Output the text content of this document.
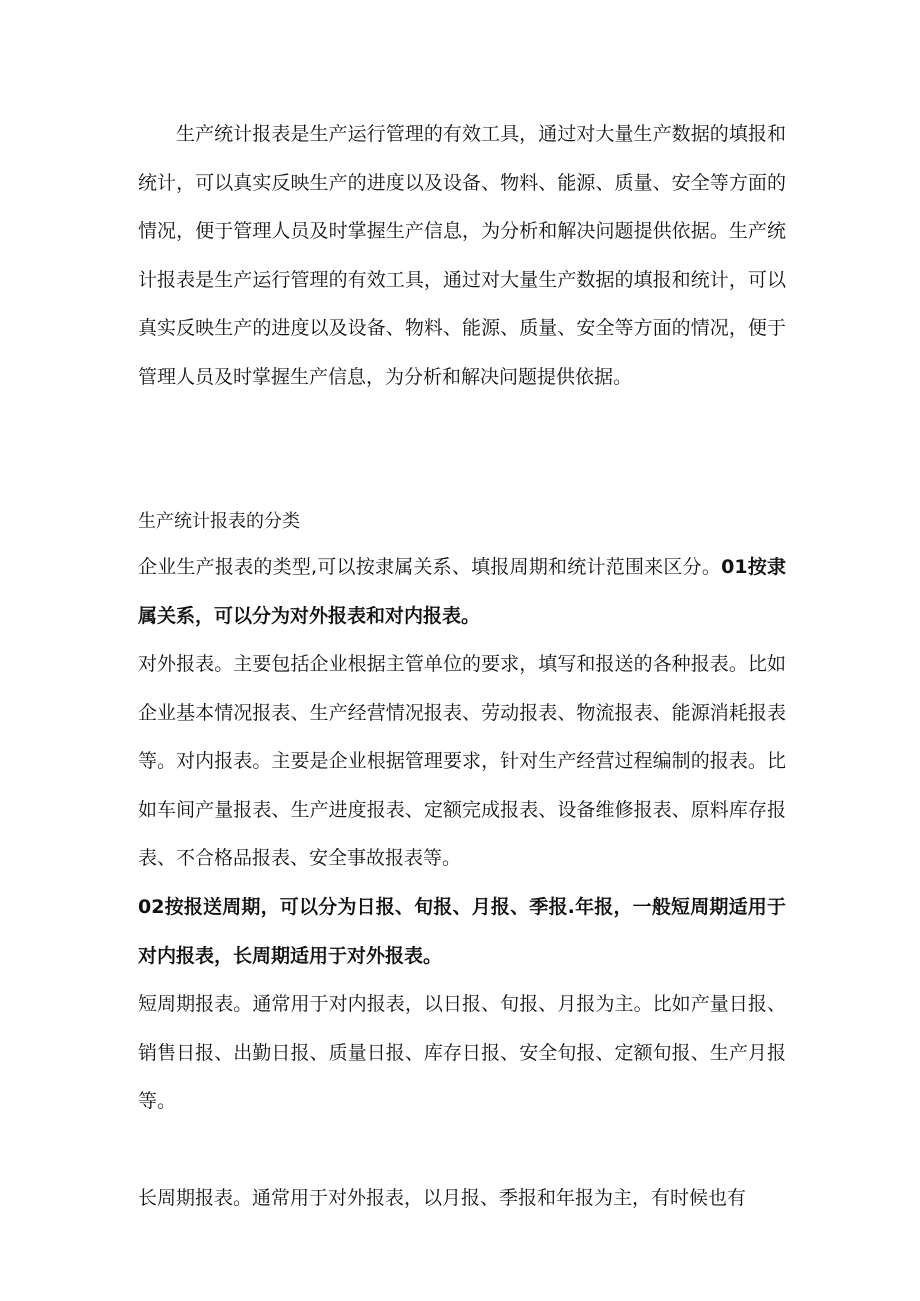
生产统计报表是生产运行管理的有效工具，通过对大量生产数据的填报和统计，可以真实反映生产的进度以及设备、物料、能源、质量、安全等方面的情况，便于管理人员及时掌握生产信息，为分析和解决问题提供依据。生产统计报表是生产运行管理的有效工具，通过对大量生产数据的填报和统计，可以真实反映生产的进度以及设备、物料、能源、质量、安全等方面的情况，便于管理人员及时掌握生产信息，为分析和解决问题提供依据。

生产统计报表的分类

企业生产报表的类型,可以按隶属关系、填报周期和统计范围来区分。01按隶属关系，可以分为对外报表和对内报表。

对外报表。主要包括企业根据主管单位的要求，填写和报送的各种报表。比如企业基本情况报表、生产经营情况报表、劳动报表、物流报表、能源消耗报表等。对内报表。主要是企业根据管理要求，针对生产经营过程编制的报表。比如车间产量报表、生产进度报表、定额完成报表、设备维修报表、原料库存报表、不合格品报表、安全事故报表等。

02按报送周期，可以分为日报、旬报、月报、季报.年报，一般短周期适用于对内报表，长周期适用于对外报表。

短周期报表。通常用于对内报表，以日报、旬报、月报为主。比如产量日报、销售日报、出勤日报、质量日报、库存日报、安全旬报、定额旬报、生产月报等。

长周期报表。通常用于对外报表，以月报、季报和年报为主，有时候也有
